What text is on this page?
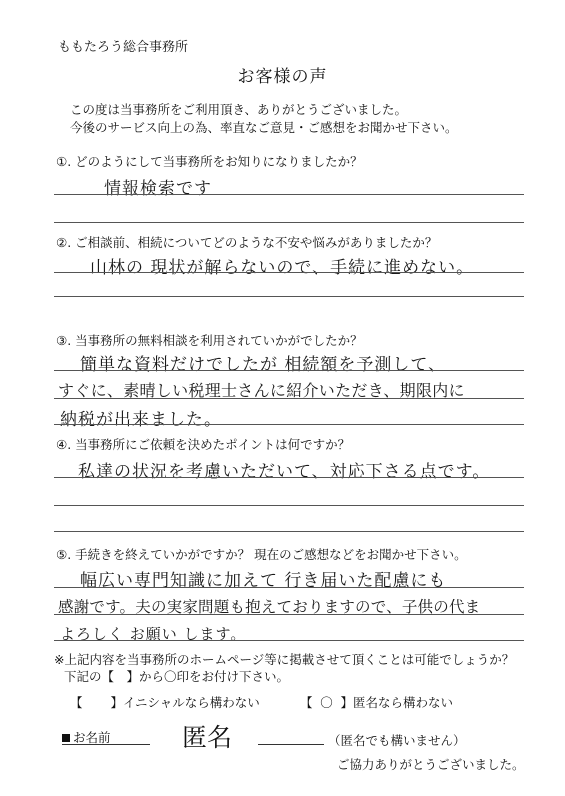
ももたろう総合事務所
お客様の声
この度は当事務所をご利用頂き、ありがとうございました。
今後のサービス向上の為、率直なご意見・ご感想をお聞かせ下さい。
①. どのようにして当事務所をお知りになりましたか？
情報検索です
②. ご相談前、相続についてどのような不安や悩みがありましたか？
山林の 現状が解らないので、手続に進めない。
③. 当事務所の無料相談を利用されていかがでしたか？
簡単な資料だけでしたが 相続額を予測して、
すぐに、素晴しい税理士さんに紹介いただき、期限内に
納税が出来ました。
④. 当事務所にご依頼を決めたポイントは何ですか？
私達の状況を考慮いただいて、対応下さる点です。
⑤. 手続きを終えていかがですか？ 現在のご感想などをお聞かせ下さい。
幅広い専門知識に加えて 行き届いた配慮にも
感謝です。夫の実家問題も抱えておりますので、子供の代ま
よろしく お願い します。
※上記内容を当事務所のホームページ等に掲載させて頂くことは可能でしょうか？
下記の【　】から〇印をお付け下さい。
【 】イニシャルなら構わない	【 〇 】匿名なら構わない
お名前	匿名	（匿名でも構いません）
ご協力ありがとうございました。
